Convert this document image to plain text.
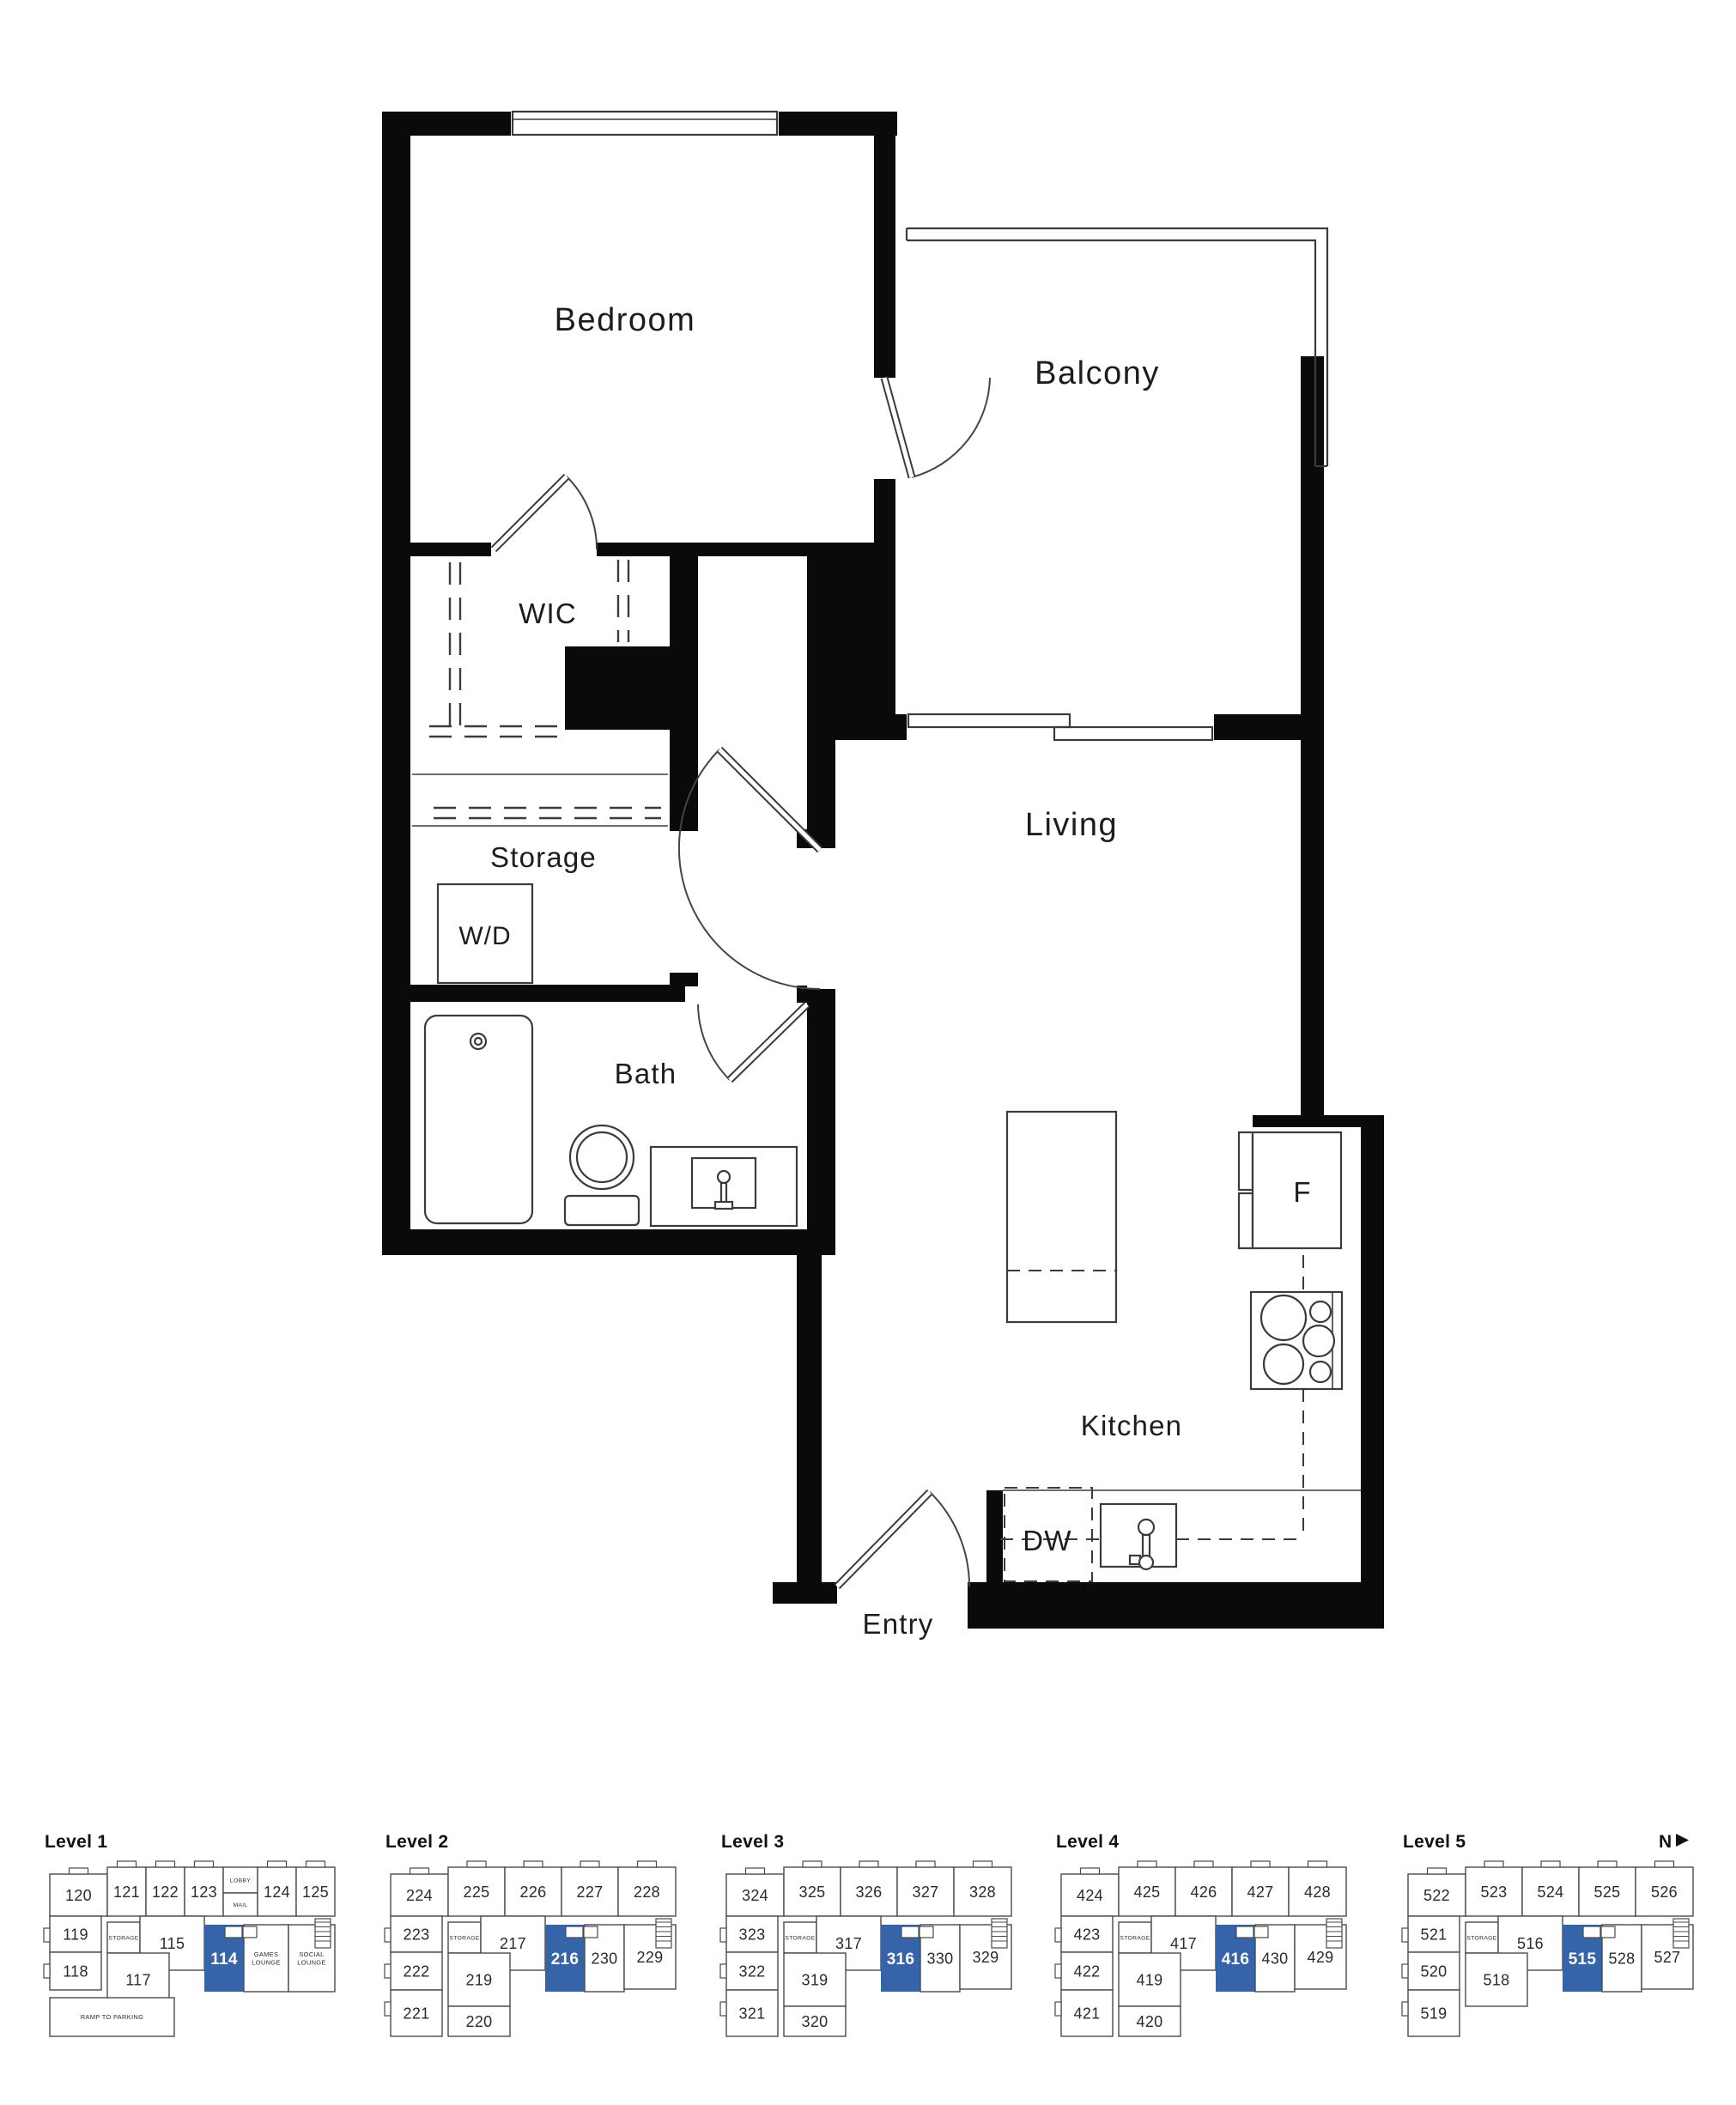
Bedroom
Balcony
WIC
Storage
W/D
Bath
Living
Kitchen
F
DW
Entry
Level 1
120 121 122 123
LOBBY
MAIL
124 125
119
118
STORAGE 115
117
114	GAMES LOUNGE
SOCIAL LOUNGE
RAMP TO PARKING
Level 2
224 225 226 227 228
223
222
221
STORAGE 217
219
220
216 230 229
Level 3
324 325 326 327 328
323
322
321
STORAGE 317
319
320
316 330 329
Level 4
424 425 426 427 428
423
422
421
STORAGE 417
419
420
416 430 429
Level 5	N
522 523 524 525 526
521
520
519
STORAGE 516
518
515 528 527
